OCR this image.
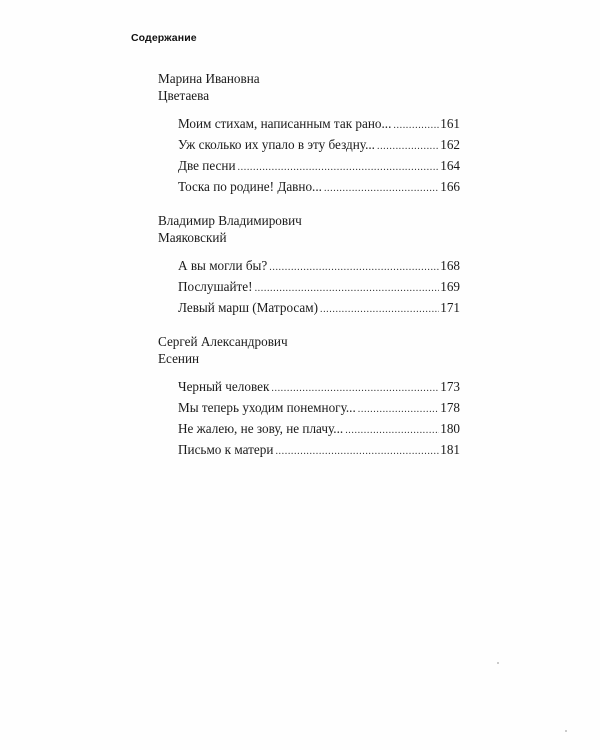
Содержание
Марина Ивановна
Цветаева
Моим стихам, написанным так рано... .....	161
Уж сколько их упало в эту бездну... .....	162
Две песни .....	164
Тоска по родине! Давно... .....	166
Владимир Владимирович
Маяковский
А вы могли бы? .....	168
Послушайте! .....	169
Левый марш (Матросам) .....	171
Сергей Александрович
Есенин
Черный человек .....	173
Мы теперь уходим понемногу... .....	178
Не жалею, не зову, не плачу... .....	180
Письмо к матери .....	181
